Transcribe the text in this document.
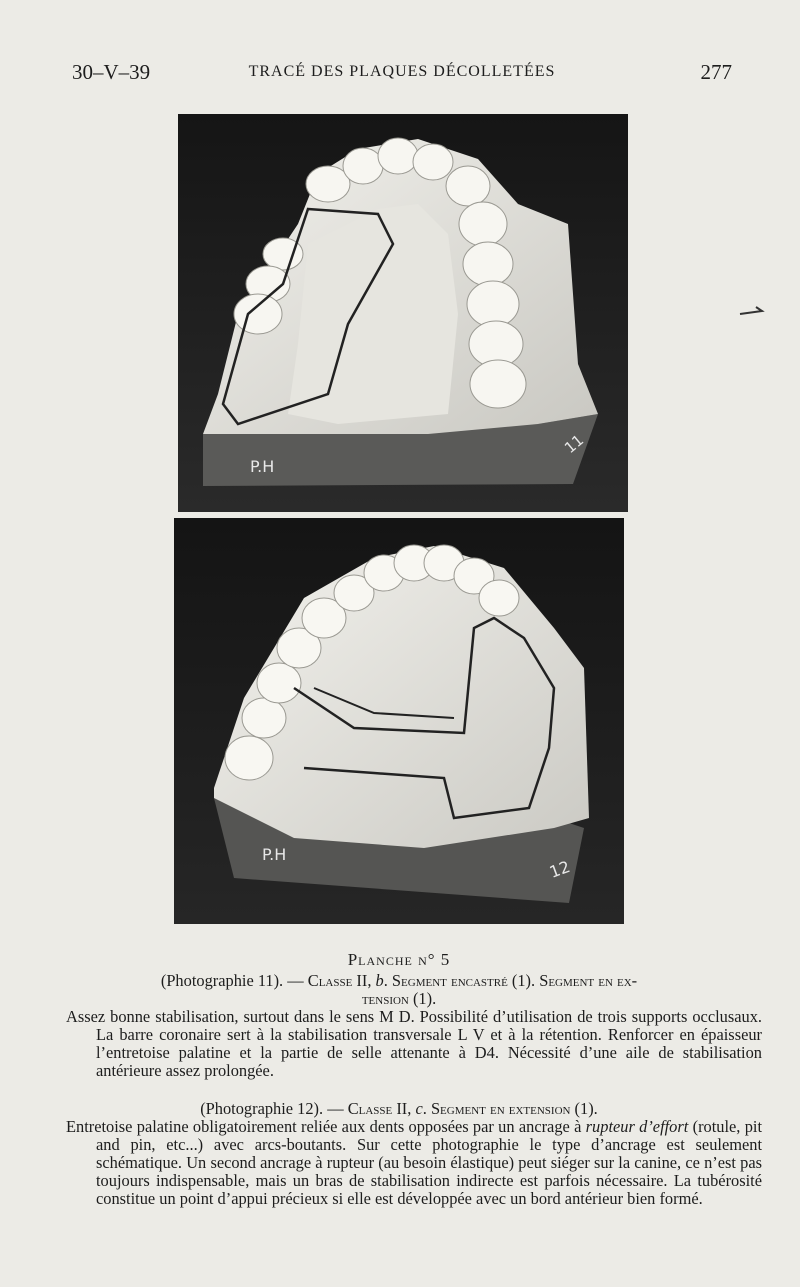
30–V–39	TRACÉ DES PLAQUES DÉCOLLETÉES	277
P.H
11
P.H
12
Planche n° 5
(Photographie 11). — Classe II, b. Segment encastré (1). Segment en ex-
tension (1).
Assez bonne stabilisation, surtout dans le sens M D. Possibilité d’utilisation de trois supports occlusaux. La barre coronaire sert à la stabilisation transversale L V et à la rétention. Renforcer en épaisseur l’entretoise palatine et la partie de selle attenante à D4. Nécessité d’une aile de stabilisation antérieure assez prolongée.
(Photographie 12). — Classe II, c. Segment en extension (1).
Entretoise palatine obligatoirement reliée aux dents opposées par un ancrage à rupteur d’effort (rotule, pit and pin, etc...) avec arcs-boutants. Sur cette photographie le type d’ancrage est seulement schématique. Un second ancrage à rupteur (au besoin élastique) peut siéger sur la canine, ce n’est pas toujours indispensable, mais un bras de stabilisation indirecte est parfois nécessaire. La tubérosité constitue un point d’appui précieux si elle est développée avec un bord antérieur bien formé.
